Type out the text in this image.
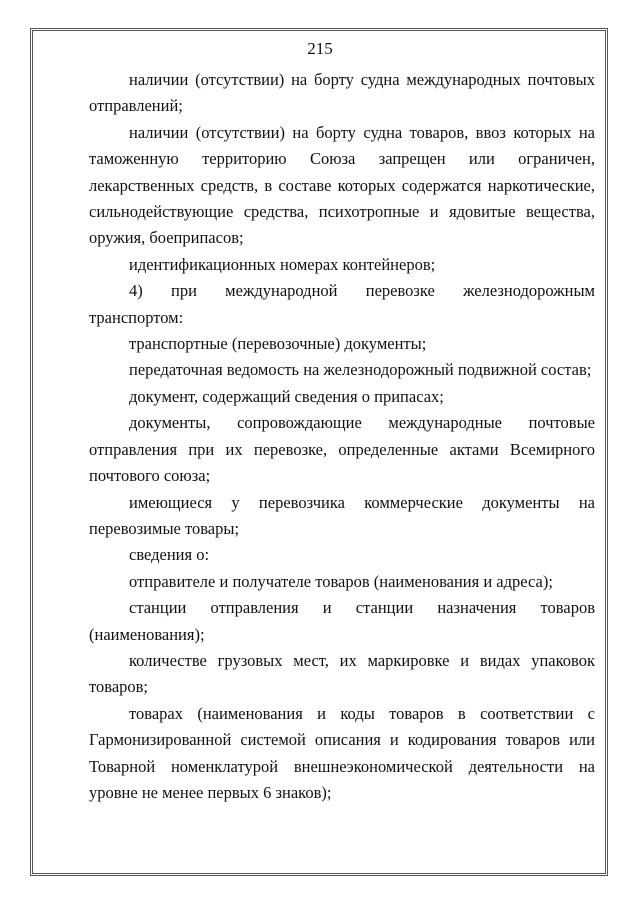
215

наличии (отсутствии) на борту судна международных почтовых отправлений;

наличии (отсутствии) на борту судна товаров, ввоз которых на таможенную территорию Союза запрещен или ограничен, лекарственных средств, в составе которых содержатся наркотические, сильнодействующие средства, психотропные и ядовитые вещества, оружия, боеприпасов;

идентификационных номерах контейнеров;

4) при международной перевозке железнодорожным транспортом:

транспортные (перевозочные) документы;

передаточная ведомость на железнодорожный подвижной состав;

документ, содержащий сведения о припасах;

документы, сопровождающие международные почтовые отправления при их перевозке, определенные актами Всемирного почтового союза;

имеющиеся у перевозчика коммерческие документы на перевозимые товары;

сведения о:

отправителе и получателе товаров (наименования и адреса);

станции отправления и станции назначения товаров (наименования);

количестве грузовых мест, их маркировке и видах упаковок товаров;

товарах (наименования и коды товаров в соответствии с Гармонизированной системой описания и кодирования товаров или Товарной номенклатурой внешнеэкономической деятельности на уровне не менее первых 6 знаков);
